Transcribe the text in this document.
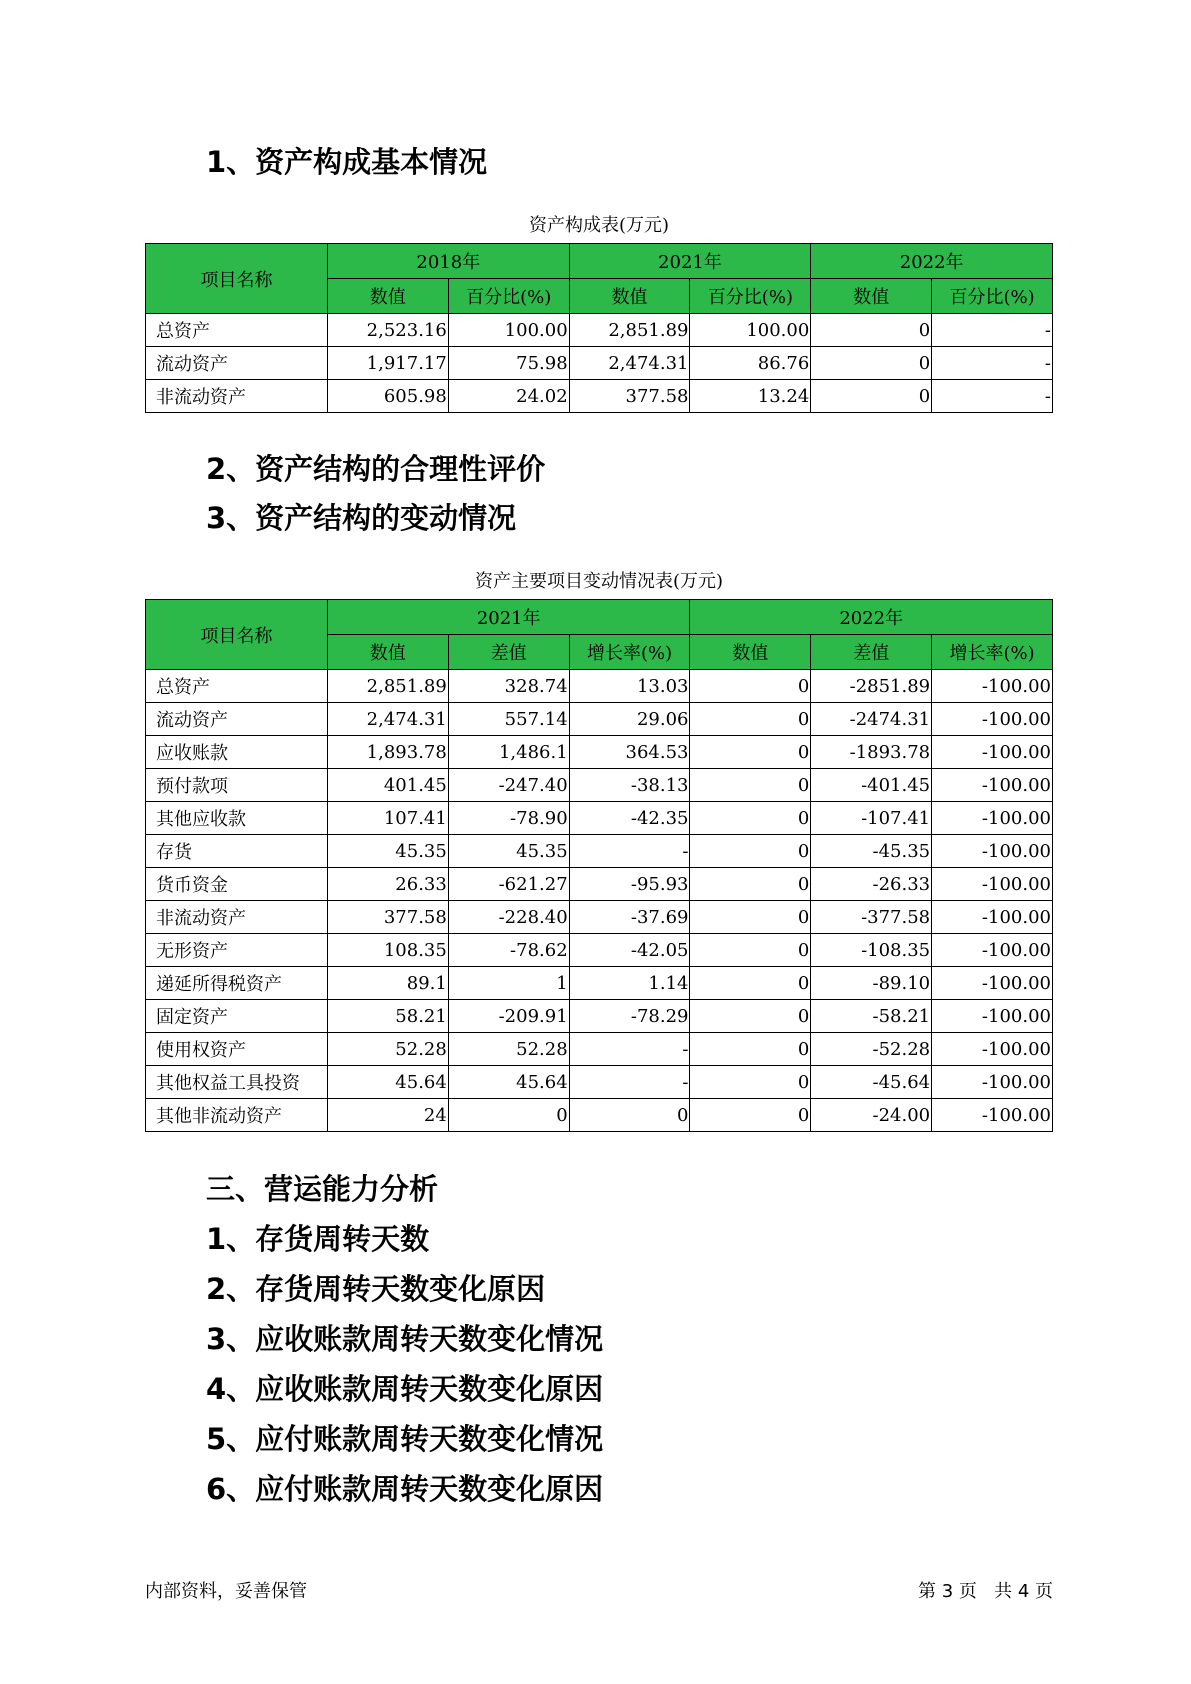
1、资产构成基本情况
资产构成表(万元)
项目名称	2018年		2021年		2022年	
	数值	百分比(%)	数值	百分比(%)	数值	百分比(%)
总资产	2,523.16	100.00	2,851.89	100.00	0	-
流动资产	1,917.17	75.98	2,474.31	86.76	0	-
非流动资产	605.98	24.02	377.58	13.24	0	-
2、资产结构的合理性评价
3、资产结构的变动情况
资产主要项目变动情况表(万元)
项目名称	2021年			2022年		
	数值	差值	增长率(%)	数值	差值	增长率(%)
总资产	2,851.89	328.74	13.03	0	-2851.89	-100.00
流动资产	2,474.31	557.14	29.06	0	-2474.31	-100.00
应收账款	1,893.78	1,486.1	364.53	0	-1893.78	-100.00
预付款项	401.45	-247.40	-38.13	0	-401.45	-100.00
其他应收款	107.41	-78.90	-42.35	0	-107.41	-100.00
存货	45.35	45.35	-	0	-45.35	-100.00
货币资金	26.33	-621.27	-95.93	0	-26.33	-100.00
非流动资产	377.58	-228.40	-37.69	0	-377.58	-100.00
无形资产	108.35	-78.62	-42.05	0	-108.35	-100.00
递延所得税资产	89.1	1	1.14	0	-89.10	-100.00
固定资产	58.21	-209.91	-78.29	0	-58.21	-100.00
使用权资产	52.28	52.28	-	0	-52.28	-100.00
其他权益工具投资	45.64	45.64	-	0	-45.64	-100.00
其他非流动资产	24	0	0	0	-24.00	-100.00
三、营运能力分析
1、存货周转天数
2、存货周转天数变化原因
3、应收账款周转天数变化情况
4、应收账款周转天数变化原因
5、应付账款周转天数变化情况
6、应付账款周转天数变化原因
内部资料，妥善保管	第 3 页   共 4 页
